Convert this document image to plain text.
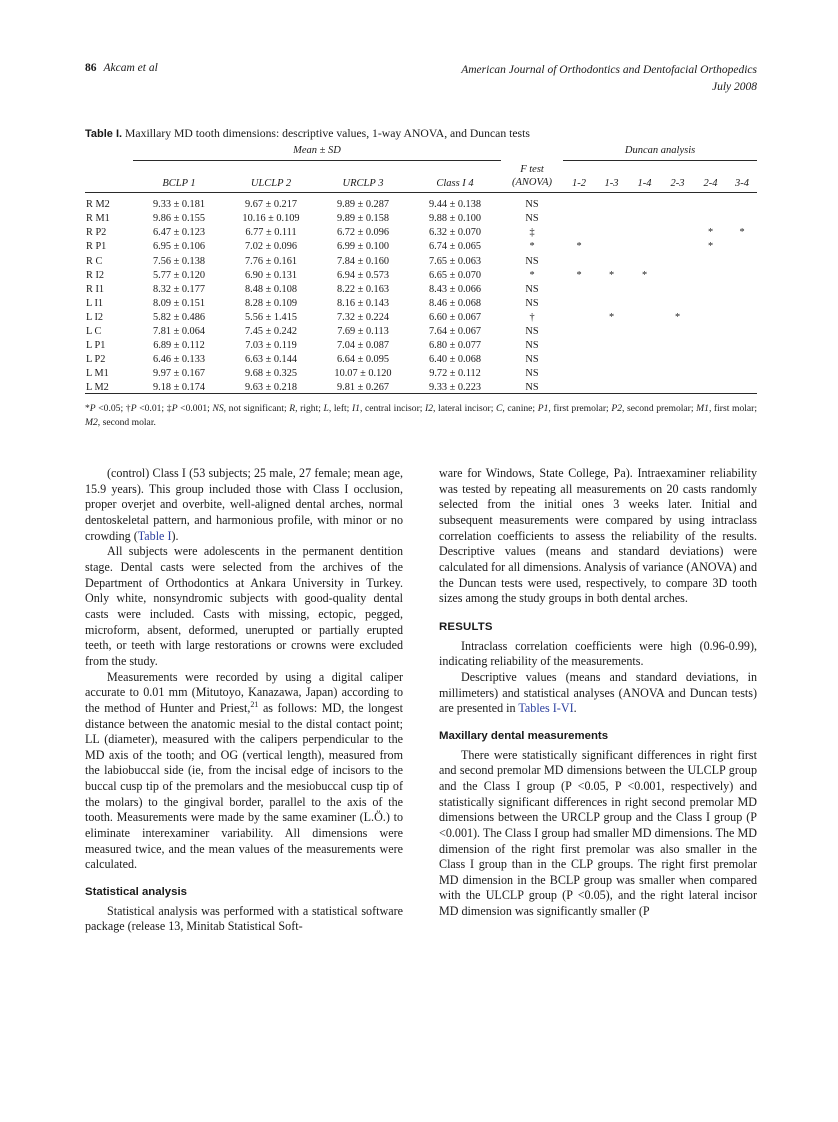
86 Akcam et al	American Journal of Orthodontics and Dentofacial Orthopedics
July 2008
Table I. Maxillary MD tooth dimensions: descriptive values, 1-way ANOVA, and Duncan tests
	Mean ± SD					Duncan analysis					

	BCLP 1	ULCLP 2	URCLP 3	Class I 4	F test
(ANOVA)	1-2	1-3	1-4	2-3	2-4	3-4

R M2	9.33 ± 0.181	9.67 ± 0.217	9.89 ± 0.287	9.44 ± 0.138	NS						
R M1	9.86 ± 0.155	10.16 ± 0.109	9.89 ± 0.158	9.88 ± 0.100	NS						
R P2	6.47 ± 0.123	6.77 ± 0.111	6.72 ± 0.096	6.32 ± 0.070	‡					*	*
R P1	6.95 ± 0.106	7.02 ± 0.096	6.99 ± 0.100	6.74 ± 0.065	*	*				*	
R C	7.56 ± 0.138	7.76 ± 0.161	7.84 ± 0.160	7.65 ± 0.063	NS						
R I2	5.77 ± 0.120	6.90 ± 0.131	6.94 ± 0.573	6.65 ± 0.070	*	*	*	*			
R I1	8.32 ± 0.177	8.48 ± 0.108	8.22 ± 0.163	8.43 ± 0.066	NS						
L I1	8.09 ± 0.151	8.28 ± 0.109	8.16 ± 0.143	8.46 ± 0.068	NS						
L I2	5.82 ± 0.486	5.56 ± 1.415	7.32 ± 0.224	6.60 ± 0.067	†		*		*		
L C	7.81 ± 0.064	7.45 ± 0.242	7.69 ± 0.113	7.64 ± 0.067	NS						
L P1	6.89 ± 0.112	7.03 ± 0.119	7.04 ± 0.087	6.80 ± 0.077	NS						
L P2	6.46 ± 0.133	6.63 ± 0.144	6.64 ± 0.095	6.40 ± 0.068	NS						
L M1	9.97 ± 0.167	9.68 ± 0.325	10.07 ± 0.120	9.72 ± 0.112	NS						
L M2	9.18 ± 0.174	9.63 ± 0.218	9.81 ± 0.267	9.33 ± 0.223	NS						

*P <0.05; †P <0.01; ‡P <0.001; NS, not significant; R, right; L, left; I1, central incisor; I2, lateral incisor; C, canine; P1, first premolar; P2, second premolar; M1, first molar; M2, second molar.

(control) Class I (53 subjects; 25 male, 27 female; mean age, 15.9 years). This group included those with Class I occlusion, proper overjet and overbite, well-aligned dental arches, normal dentoskeletal pattern, and harmonious profile, with minor or no crowding (Table I).

All subjects were adolescents in the permanent dentition stage. Dental casts were selected from the archives of the Department of Orthodontics at Ankara University in Turkey. Only white, nonsyndromic subjects with good-quality dental casts were included. Casts with missing, ectopic, pegged, microform, absent, deformed, unerupted or partially erupted teeth, or teeth with large restorations or crowns were excluded from the study.

Measurements were recorded by using a digital caliper accurate to 0.01 mm (Mitutoyo, Kanazawa, Japan) according to the method of Hunter and Priest,$^{21}$ as follows: MD, the longest distance between the anatomic mesial to the distal contact point; LL (diameter), measured with the calipers perpendicular to the MD axis of the tooth; and OG (vertical length), measured from the labiobuccal side (ie, from the incisal edge of incisors to the buccal cusp tip of the premolars and the mesiobuccal cusp tip of the molars) to the gingival border, parallel to the axis of the tooth. Measurements were made by the same examiner (L.Ö.) to eliminate interexaminer variability. All dimensions were measured twice, and the mean values of the measurements were calculated.

Statistical analysis

Statistical analysis was performed with a statistical software package (release 13, Minitab Statistical Soft-

ware for Windows, State College, Pa). Intraexaminer reliability was tested by repeating all measurements on 20 casts randomly selected from the initial ones 3 weeks later. Initial and subsequent measurements were compared by using intraclass correlation coefficients to assess the reliability of the results. Descriptive values (means and standard deviations) were calculated for all dimensions. Analysis of variance (ANOVA) and the Duncan tests were used, respectively, to compare 3D tooth sizes among the study groups in both dental arches.

RESULTS

Intraclass correlation coefficients were high (0.96-0.99), indicating reliability of the measurements.

Descriptive values (means and standard deviations, in millimeters) and statistical analyses (ANOVA and Duncan tests) are presented in Tables I-VI.

Maxillary dental measurements

There were statistically significant differences in right first and second premolar MD dimensions between the ULCLP group and the Class I group (P <0.05, P <0.001, respectively) and statistically significant differences in right second premolar MD dimensions between the URCLP group and the Class I group (P <0.001). The Class I group had smaller MD dimensions. The MD dimension of the right first premolar was also smaller in the Class I group than in the CLP groups. The right first premolar MD dimension in the BCLP group was smaller when compared with the ULCLP group (P <0.05), and the right lateral incisor MD dimension was significantly smaller (P
